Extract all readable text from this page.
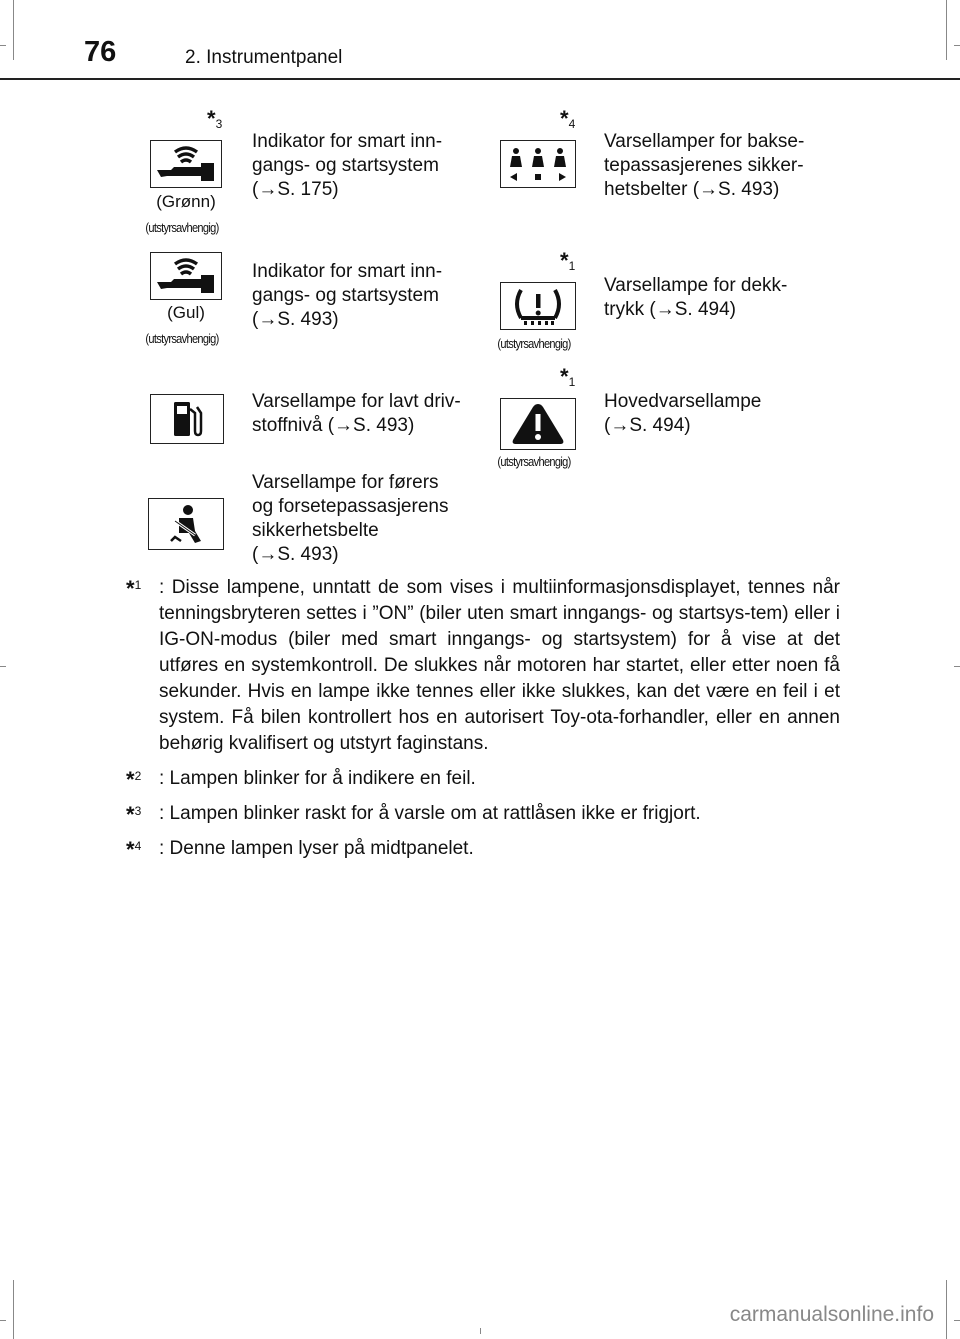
76	2. Instrumentpanel
$*_3$
(Grønn)
(utstyrsavhengig)
Indikator for smart inn-
gangs- og startsystem
(→S. 175)
$*_4$
Varsellamper for bakse-
tepassasjerenes sikker-
hetsbelter (→S. 493)
(Gul)
(utstyrsavhengig)
Indikator for smart inn-
gangs- og startsystem
(→S. 493)
$*_1$
(utstyrsavhengig)
Varsellampe for dekk-
trykk (→S. 494)
Varsellampe for lavt driv-
stoffnivå (→S. 493)
$*_1$
(utstyrsavhengig)
Hovedvarsellampe
(→S. 494)
Varsellampe for førers
og forsetepassasjerens
sikkerhetsbelte
(→S. 493)
*$^1$ : Disse lampene, unntatt de som vises i multiinformasjonsdisplayet, tennes når tenningsbryteren settes i ”ON” (biler uten smart inngangs- og startsys-tem) eller i IG-ON-modus (biler med smart inngangs- og startsystem) for å vise at det utføres en systemkontroll. De slukkes når motoren har startet, eller etter noen få sekunder. Hvis en lampe ikke tennes eller ikke slukkes, kan det være en feil i et system. Få bilen kontrollert hos en autorisert Toy-ota-forhandler, eller en annen behørig kvalifisert og utstyrt faginstans.
*$^2$ : Lampen blinker for å indikere en feil.
*$^3$ : Lampen blinker raskt for å varsle om at rattlåsen ikke er frigjort.
*$^4$ : Denne lampen lyser på midtpanelet.
carmanualsonline.info
